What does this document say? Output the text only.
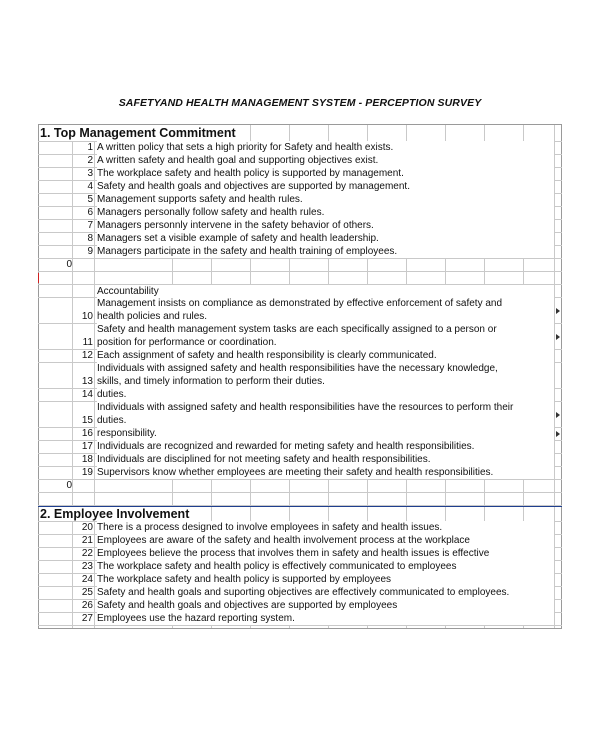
SAFETYAND HEALTH MANAGEMENT SYSTEM - PERCEPTION SURVEY
1. Top Management Commitment
1 A written policy that sets a high priority for Safety and health exists.
2 A written safety and health goal and supporting objectives exist.
3 The workplace safety and health policy is supported by management.
4 Safety and health goals and objectives are supported by management.
5 Management supports safety and health rules.
6 Managers personally follow safety and health rules.
7 Managers personnly intervene in the safety behavior of others.
8 Managers set a visible example of safety and health leadership.
9 Managers participate in the safety and health training of employees.
0
Accountability
10
Management insists on compliance as demonstrated by effective enforcement of safety and
health policies and rules.
11
Safety and health management system tasks are each specifically assigned to a person or
position for performance or coordination.
12 Each assignment of safety and health responsibility is clearly communicated.
13
Individuals with assigned safety and health responsibilities have the necessary knowledge,
skills, and timely information to perform their duties.
14 duties.
15
Individuals with assigned safety and health responsibilities have the resources to perform their
duties.
16 responsibility.
17 Individuals are recognized and rewarded for meting safety and health responsibilities.
18 Individuals are disciplined for not meeting safety and health responsibilities.
19 Supervisors know whether employees are meeting their safety and health responsibilities.
0
2. Employee Involvement
20 There is a process designed to involve employees in safety and health issues.
21 Employees are aware of the safety and health involvement process at the workplace
22 Employees believe the process that involves them in safety and health issues is effective
23 The workplace safety and health policy is effectively communicated to employees
24 The workplace safety and health policy is supported by employees
25 Safety and health goals and suporting objectives are effectively communicated to employees.
26 Safety and health goals and objectives are supported by employees
27 Employees use the hazard reporting system.
